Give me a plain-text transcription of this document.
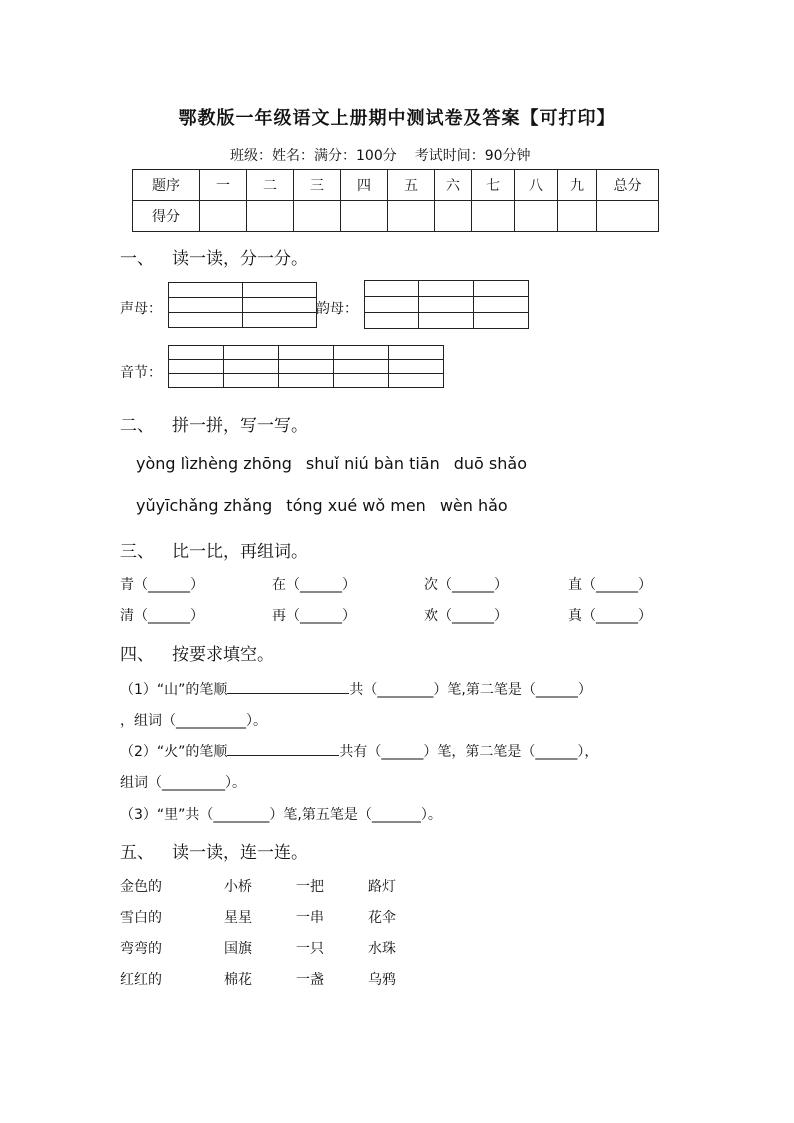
鄂教版一年级语文上册期中测试卷及答案【可打印】
班级：姓名：满分：100分 考试时间：90分钟
题序	一	二	三	四	五	六	七	八	九	总分
得分										
一、 读一读，分一分。
声母：

		韵母：

音节：

二、 拼一拼，写一写。
yòng lìzhèng zhōng shuǐ niú bàn tiān duō shǎo
yǔyīchǎng zhǎng tóng xué wǒ men wèn hǎo
三、 比一比，再组词。
青（______）	在（______）	次（______）	直（______）
清（______）	再（______）	欢（______）	真（______）
四、 按要求填空。
（1）“山”的笔顺	共（________）笔,第二笔是（______）
，组词（__________）。
（2）“火”的笔顺	共有（______）笔，第二笔是（______），
组词（_________）。
（3）“里”共（________）笔,第五笔是（_______）。
五、 读一读，连一连。
金色的	小桥	一把	路灯
雪白的	星星	一串	花伞
弯弯的	国旗	一只	水珠
红红的	棉花	一盏	乌鸦
